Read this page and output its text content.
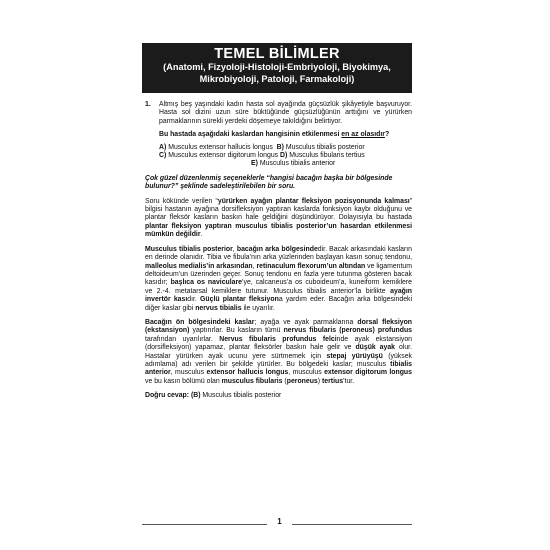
TEMEL BİLİMLER
(Anatomi, Fizyoloji-Histoloji-Embriyoloji, Biyokimya, Mikrobiyoloji, Patoloji, Farmakoloji)
1.	Altmış beş yaşındaki kadın hasta sol ayağında güçsüzlük şikâyetiyle başvuruyor. Hasta sol dizini uzun süre büktüğünde güçsüzlüğünün arttığını ve yürürken parmaklarının sürekli yerdeki döşemeye takıldığını belirtiyor.
Bu hastada aşağıdaki kaslardan hangisinin etkilenmesi en az olasıdır?
A) Musculus extensor hallucis longus B) Musculus tibialis posterior
C) Musculus extensor digitorum longus D) Musculus fibularis tertius
E) Musculus tibialis anterior
Çok güzel düzenlenmiş seçeneklerle “hangisi bacağın başka bir bölgesinde bulunur?” şeklinde sadeleştirilebilen bir soru.

Soru kökünde verilen “yürürken ayağın plantar fleksiyon pozisyonunda kalması” bilgisi hastanın ayağına dorsifleksiyon yaptıran kaslarda fonksiyon kaybı olduğunu ve plantar fleksör kasların baskın hale geldiğini düşündürüyor. Dolayısıyla bu hastada plantar fleksiyon yaptıran musculus tibialis posterior’un hasardan etkilenmesi mümkün değildir.

Musculus tibialis posterior, bacağın arka bölgesindedir. Bacak arkasındaki kasların en derinde olanıdır. Tibia ve fibula’nın arka yüzlerinden başlayan kasın sonuç tendonu, malleolus medialis’in arkasından, retinaculum flexorum’un altından ve ligamentum deltoideum’un üzerinden geçer. Sonuç tendonu en fazla yere tutunma gösteren bacak kasıdır; başlıca os naviculare’ye, calcaneus’a os cuboideum’a, kuneiform kemiklere ve 2.-4. metatarsal kemiklere tutunur. Musculus tibialis anterior’la birlikte ayağın invertör kasıdır. Güçlü plantar fleksiyona yardım eder. Bacağın arka bölgesindeki diğer kaslar gibi nervus tibialis ile uyarılır.

Bacağın ön bölgesindeki kaslar; ayağa ve ayak parmaklarına dorsal fleksiyon (ekstansiyon) yaptırırlar. Bu kasların tümü nervus fibularis (peroneus) profundus tarafından uyarılırlar. Nervus fibularis profundus felcinde ayak ekstansiyon (dorsifleksiyon) yapamaz, plantar fleksörler baskın hale gelir ve düşük ayak olur. Hastalar yürürken ayak ucunu yere sürtmemek için stepaj yürüyüşü (yüksek adımlama) adı verilen bir şekilde yürürler. Bu bölgedeki kaslar; musculus tibialis anterior, musculus extensor hallucis longus, musculus extensor digitorum longus ve bu kasın bölümü olan musculus fibularis (peroneus) tertius’tur.

Doğru cevap: (B) Musculus tibialis posterior
1
